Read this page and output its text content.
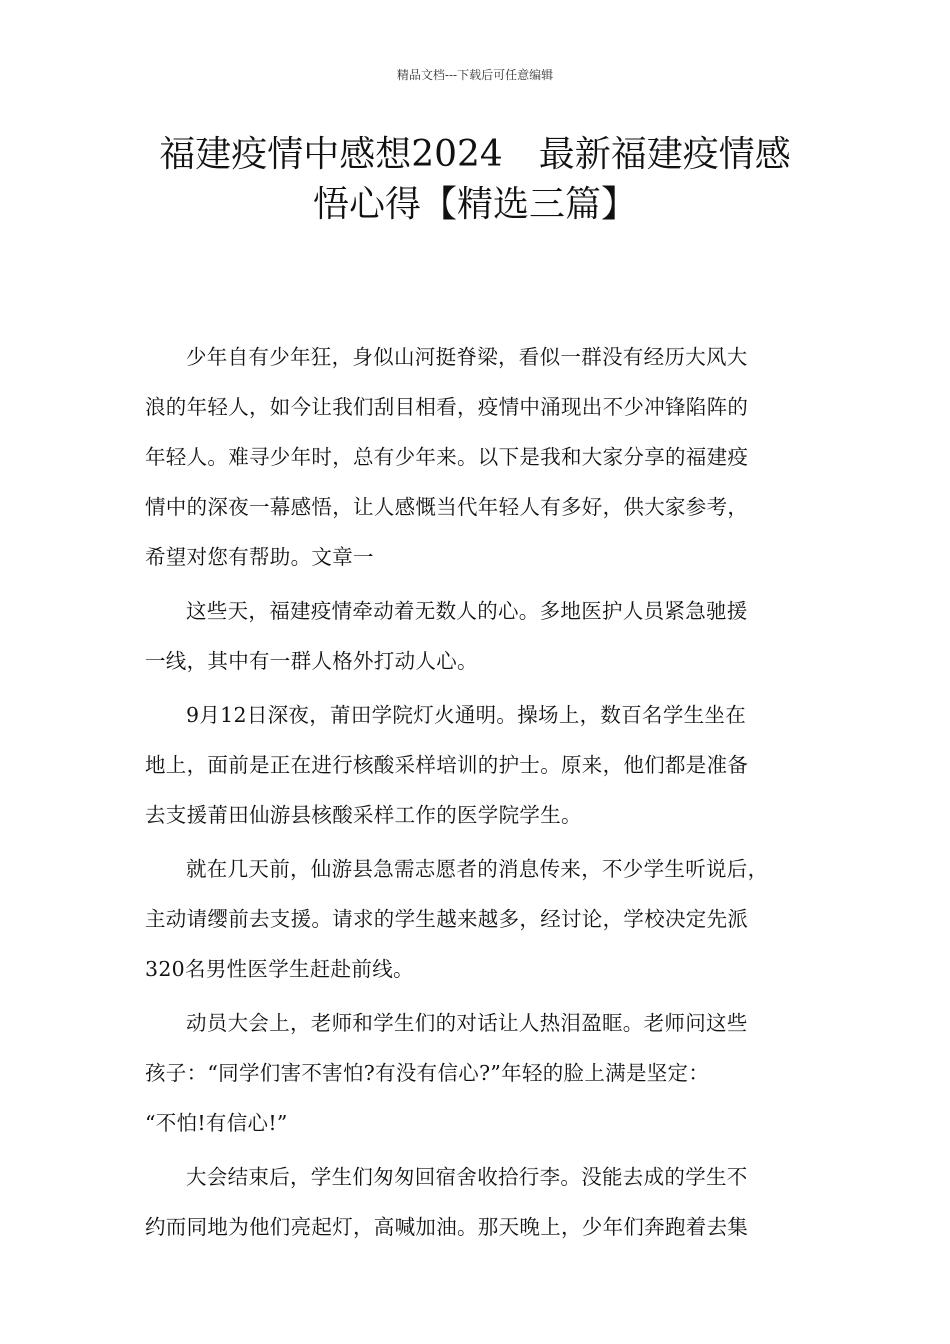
精品文档---下载后可任意编辑
福建疫情中感想2024　最新福建疫情感
悟心得【精选三篇】

少年自有少年狂，身似山河挺脊梁，看似一群没有经历大风大
浪的年轻人，如今让我们刮目相看，疫情中涌现出不少冲锋陷阵的
年轻人。难寻少年时，总有少年来。以下是我和大家分享的福建疫
情中的深夜一幕感悟，让人感慨当代年轻人有多好，供大家参考，
希望对您有帮助。文章一

这些天，福建疫情牵动着无数人的心。多地医护人员紧急驰援
一线，其中有一群人格外打动人心。

9月12日深夜，莆田学院灯火通明。操场上，数百名学生坐在
地上，面前是正在进行核酸采样培训的护士。原来，他们都是准备
去支援莆田仙游县核酸采样工作的医学院学生。

就在几天前，仙游县急需志愿者的消息传来，不少学生听说后，
主动请缨前去支援。请求的学生越来越多，经讨论，学校决定先派
320名男性医学生赶赴前线。

动员大会上，老师和学生们的对话让人热泪盈眶。老师问这些
孩子：“同学们害不害怕?有没有信心?”年轻的脸上满是坚定：
“不怕!有信心!”

大会结束后，学生们匆匆回宿舍收拾行李。没能去成的学生不
约而同地为他们亮起灯，高喊加油。那天晚上，少年们奔跑着去集
